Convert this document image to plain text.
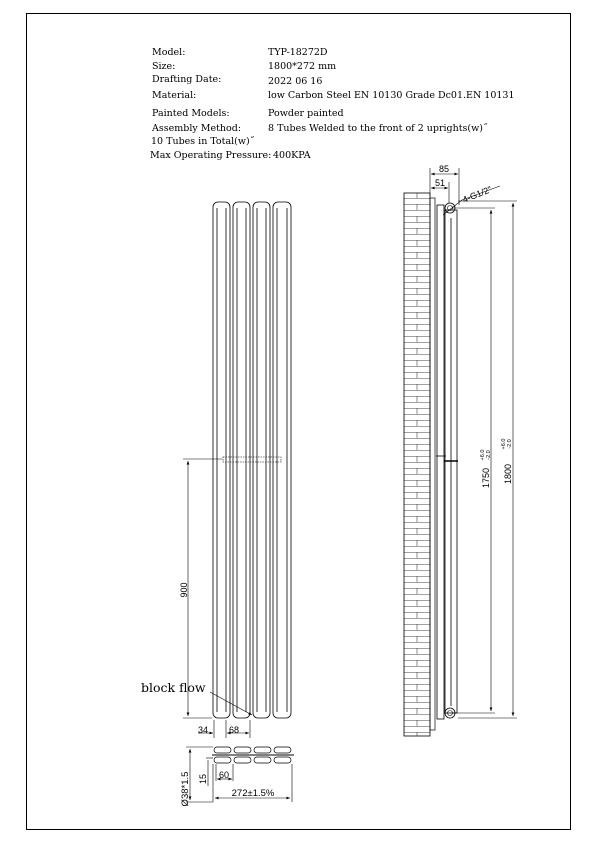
Model:	TYP-18272D
Size:	1800*272 mm
Drafting Date:	2022 06 16
Material:	low Carbon Steel EN 10130 Grade Dc01.EN 10131
Painted Models:	Powder painted
Assembly Method:	8 Tubes Welded to the front of 2 uprights(w)˝
10 Tubes in Total(w)˝
Max Operating Pressure: 400KPA
900
34 68
block flow
85
51
4-G1/2"
1750
+6.0 -2.0
1800
+6.0 -2.0
Ø38*1.5 15 60
272±1.5%
